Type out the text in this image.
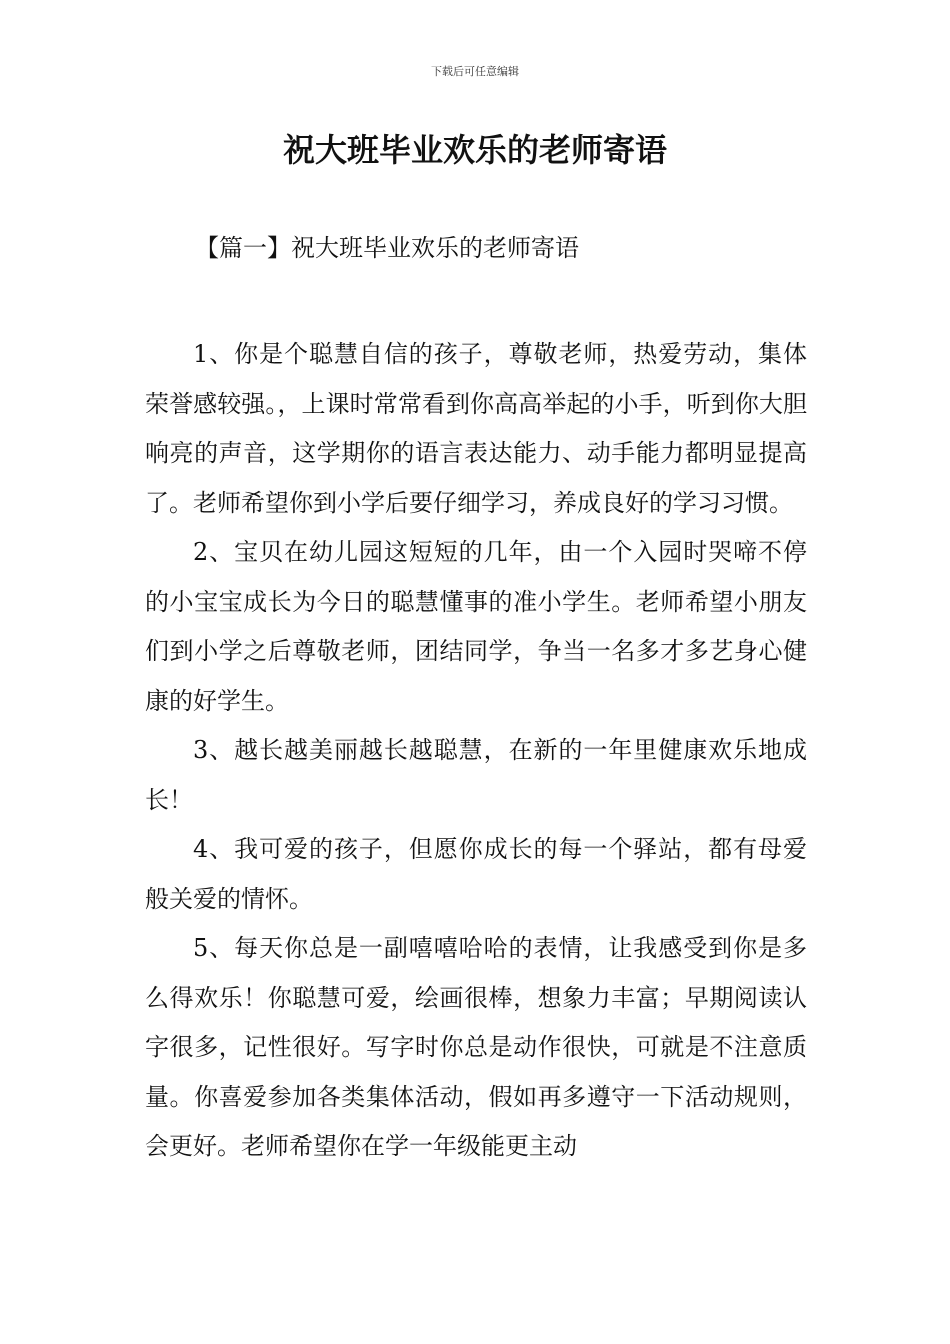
下载后可任意编辑
祝大班毕业欢乐的老师寄语
【篇一】祝大班毕业欢乐的老师寄语

1、你是个聪慧自信的孩子，尊敬老师，热爱劳动，集体荣誉感较强。，上课时常常看到你高高举起的小手，听到你大胆响亮的声音，这学期你的语言表达能力、动手能力都明显提高了。老师希望你到小学后要仔细学习，养成良好的学习习惯。

2、宝贝在幼儿园这短短的几年，由一个入园时哭啼不停的小宝宝成长为今日的聪慧懂事的准小学生。老师希望小朋友们到小学之后尊敬老师，团结同学，争当一名多才多艺身心健康的好学生。

3、越长越美丽越长越聪慧，在新的一年里健康欢乐地成长！

4、我可爱的孩子，但愿你成长的每一个驿站，都有母爱般关爱的情怀。

5、每天你总是一副嘻嘻哈哈的表情，让我感受到你是多么得欢乐！你聪慧可爱，绘画很棒，想象力丰富；早期阅读认字很多，记性很好。写字时你总是动作很快，可就是不注意质量。你喜爱参加各类集体活动，假如再多遵守一下活动规则，会更好。老师希望你在学一年级能更主动
